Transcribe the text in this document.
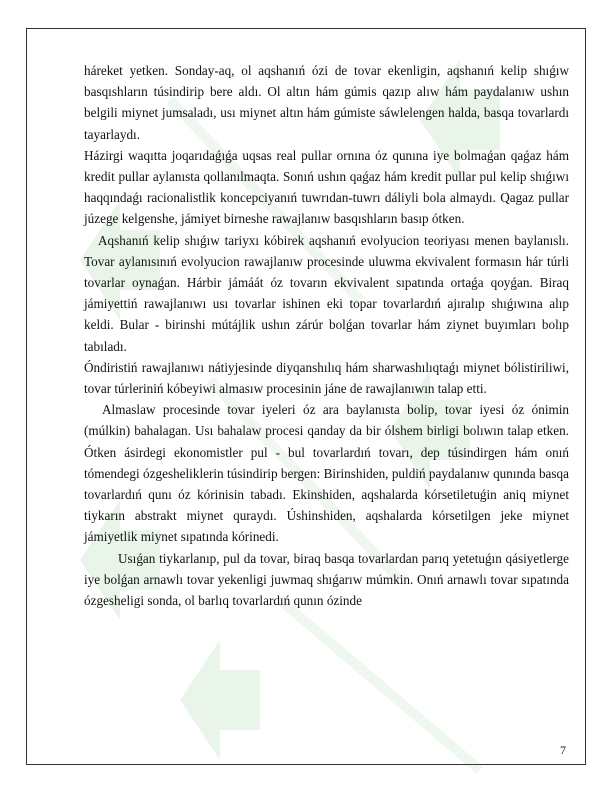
háreket yetken. Sonday-aq, ol aqshanıń ózi de tovar ekenligin, aqshanıń kelip shıǵıw basqıshların túsindirip bere aldı. Ol altın hám gúmis qazıp alıw hám paydalanıw ushın belgili miynet jumsaladı, usı miynet altın hám gúmiste sáwlelengen halda, basqa tovarlardı tayarlaydı.

Házirgi waqıtta joqarıdaǵıǵa uqsas real pullar ornına óz qunına iye bolmaǵan qaǵaz hám kredit pullar aylanısta qollanılmaqta. Sonıń ushın qaǵaz hám kredit pullar pul kelip shıǵıwı haqqındaǵı racionalistlik koncepciyanıń tuwrıdan-tuwrı dáliyli bola almaydı. Qagaz pullar júzege kelgenshe, jámiyet birneshe rawajlanıw basqıshların basıp ótken.

Aqshanıń kelip shıǵıw tariyxı kóbirek aqshanıń evolyucion teoriyası menen baylanıslı. Tovar aylanısınıń evolyucion rawajlanıw procesinde uluwma ekvivalent formasın hár túrli tovarlar oynaǵan. Hárbir jámáát óz tovarın ekvivalent sıpatında ortaǵa qoyǵan. Biraq jámiyettiń rawajlanıwı usı tovarlar ishinen eki topar tovarlardıń ajıralıp shıǵıwına alıp keldi. Bular - birinshi mútájlik ushın zárúr bolǵan tovarlar hám ziynet buyımları bolıp tabıladı.

Óndiristiń rawajlanıwı nátiyjesinde diyqanshılıq hám sharwashılıqtaǵı miynet bólistiriliwi, tovar túrleriniń kóbeyiwi almasıw procesinin jáne de rawajlanıwın talap etti.

Almaslaw procesinde tovar iyeleri óz ara baylanısta bolip, tovar iyesi óz ónimin (múlkin) bahalagan. Usı bahalaw procesi qanday da bir ólshem birligi bolıwın talap etken. Ótken ásirdegi ekonomistler pul - bul tovarlardıń tovarı, dep túsindirgen hám onıń tómendegi ózgesheliklerin túsindirip bergen: Birinshiden, puldiń paydalanıw qunında basqa tovarlardıń qunı óz kórinisin tabadı. Ekinshiden, aqshalarda kórsetiletuǵin aniq miynet tiykarın abstrakt miynet quraydı. Úshinshiden, aqshalarda kórsetilgen jeke miynet jámiyetlik miynet sıpatında kórinedi.

Usıǵan tiykarlanıp, pul da tovar, biraq basqa tovarlardan parıq yetetuǵın qásiyetlerge iye bolǵan arnawlı tovar yekenligi juwmaq shıǵarıw múmkin. Onıń arnawlı tovar sıpatında ózgesheligi sonda, ol barlıq tovarlardıń qunın ózinde

7
